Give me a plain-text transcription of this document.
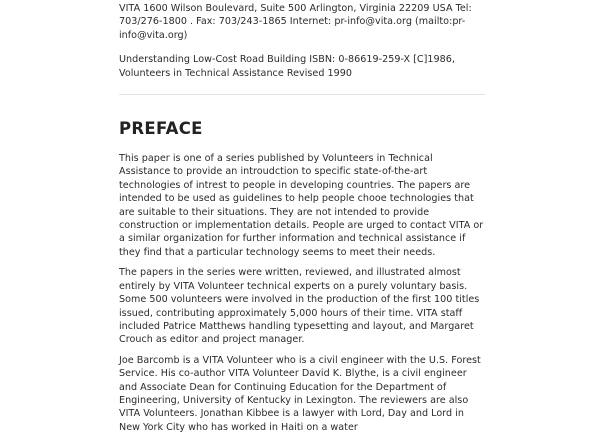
VITA 1600 Wilson Boulevard, Suite 500 Arlington, Virginia 22209 USA Tel: 703/276-1800 . Fax: 703/243-1865 Internet: pr-info@vita.org (mailto:pr-info@vita.org)

Understanding Low-Cost Road Building ISBN: 0-86619-259-X [C]1986, Volunteers in Technical Assistance Revised 1990

PREFACE

This paper is one of a series published by Volunteers in Technical Assistance to provide an introudction to specific state-of-the-art technologies of intrest to people in developing countries. The papers are intended to be used as guidelines to help people chooe technologies that are suitable to their situations. They are not intended to provide construction or implementation details. People are urged to contact VITA or a similar organization for further information and technical assistance if they find that a particular technology seems to meet their needs.

The papers in the series were written, reviewed, and illustrated almost entirely by VITA Volunteer technical experts on a purely voluntary basis. Some 500 volunteers were involved in the production of the first 100 titles issued, contributing approximately 5,000 hours of their time. VITA staff included Patrice Matthews handling typesetting and layout, and Margaret Crouch as editor and project manager.

Joe Barcomb is a VITA Volunteer who is a civil engineer with the U.S. Forest Service. His co-author VITA Volunteer David K. Blythe, is a civil engineer and Associate Dean for Continuing Education for the Department of Engineering, University of Kentucky in Lexington. The reviewers are also VITA Volunteers. Jonathan Kibbee is a lawyer with Lord, Day and Lord in New York City who has worked in Haiti on a water
